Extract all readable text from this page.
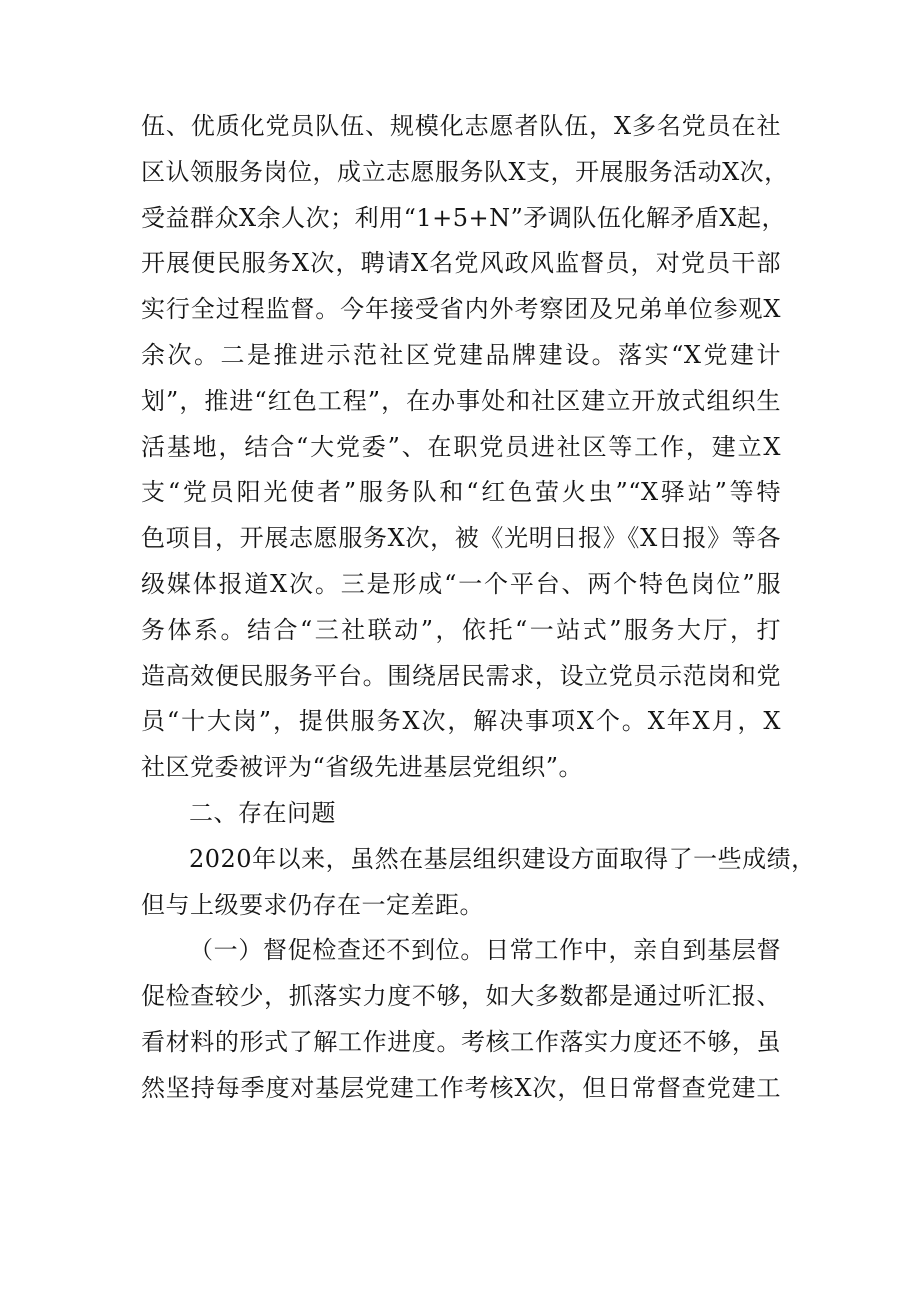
伍、优质化党员队伍、规模化志愿者队伍，X多名党员在社
区认领服务岗位，成立志愿服务队X支，开展服务活动X次，
受益群众X余人次；利用“1+5+N”矛调队伍化解矛盾X起，
开展便民服务X次，聘请X名党风政风监督员，对党员干部
实行全过程监督。今年接受省内外考察团及兄弟单位参观X
余次。二是推进示范社区党建品牌建设。落实“X党建计
划”，推进“红色工程”，在办事处和社区建立开放式组织生
活基地，结合“大党委”、在职党员进社区等工作，建立X
支“党员阳光使者”服务队和“红色萤火虫”“X驿站”等特
色项目，开展志愿服务X次，被《光明日报》《X日报》等各
级媒体报道X次。三是形成“一个平台、两个特色岗位”服
务体系。结合“三社联动”，依托“一站式”服务大厅，打
造高效便民服务平台。围绕居民需求，设立党员示范岗和党
员“十大岗”，提供服务X次，解决事项X个。X年X月，X
社区党委被评为“省级先进基层党组织”。
二、存在问题
2020年以来，虽然在基层组织建设方面取得了一些成绩，
但与上级要求仍存在一定差距。
（一）督促检查还不到位。日常工作中，亲自到基层督
促检查较少，抓落实力度不够，如大多数都是通过听汇报、
看材料的形式了解工作进度。考核工作落实力度还不够，虽
然坚持每季度对基层党建工作考核X次，但日常督查党建工
